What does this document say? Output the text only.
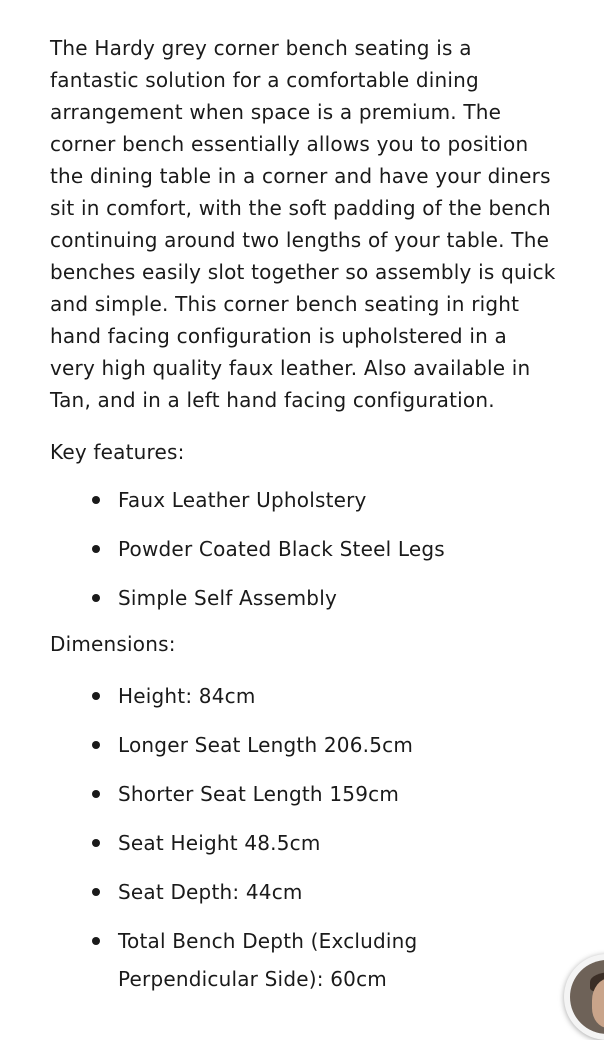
The Hardy grey corner bench seating is a
fantastic solution for a comfortable dining
arrangement when space is a premium. The
corner bench essentially allows you to position
the dining table in a corner and have your diners
sit in comfort, with the soft padding of the bench
continuing around two lengths of your table. The
benches easily slot together so assembly is quick
and simple. This corner bench seating in right
hand facing configuration is upholstered in a
very high quality faux leather. Also available in
Tan, and in a left hand facing configuration.

Key features:
Faux Leather Upholstery
Powder Coated Black Steel Legs
Simple Self Assembly
Dimensions:
Height: 84cm
Longer Seat Length 206.5cm
Shorter Seat Length 159cm
Seat Height 48.5cm
Seat Depth: 44cm
Total Bench Depth (Excluding
Perpendicular Side): 60cm
